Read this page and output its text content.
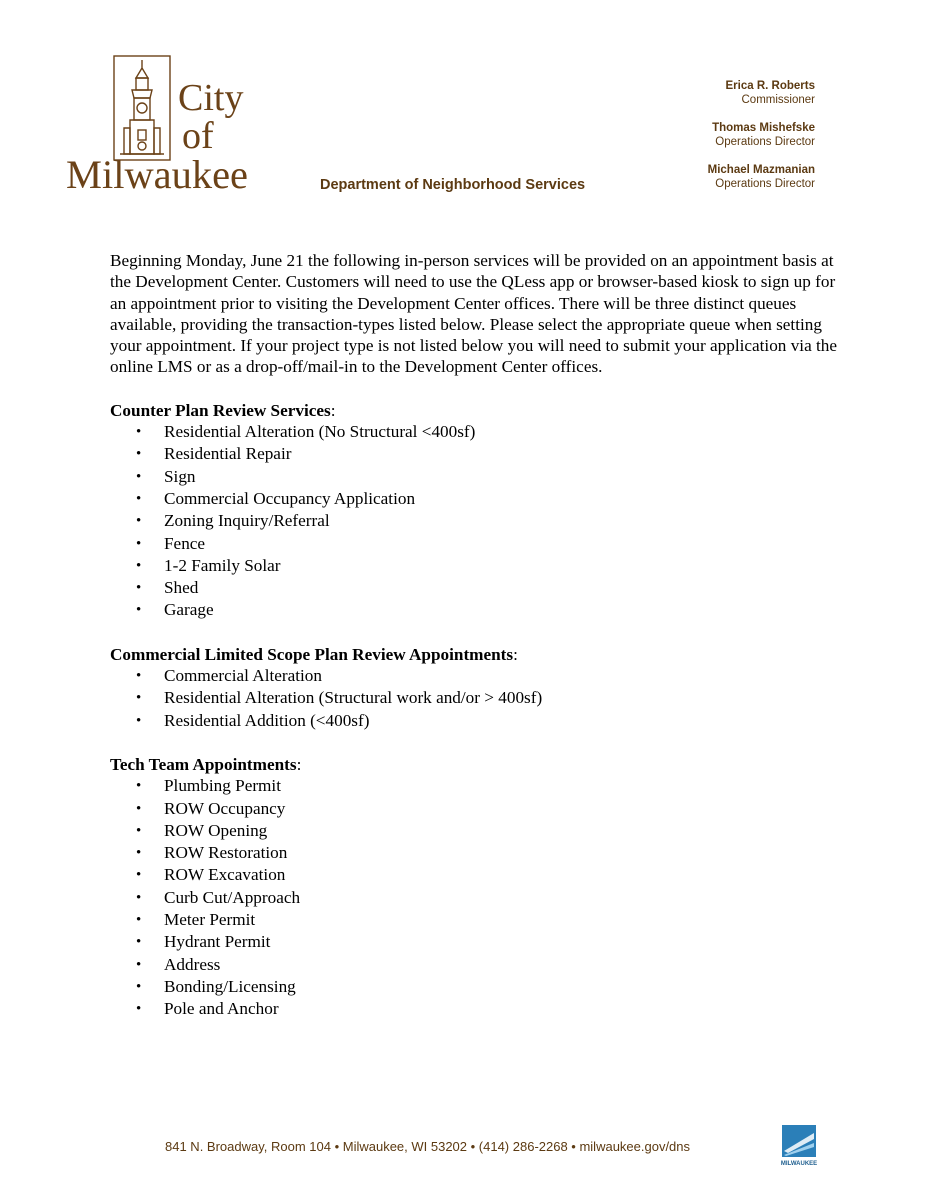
City
of
Milwaukee	Department of Neighborhood Services
Erica R. Roberts
Commissioner
Thomas Mishefske
Operations Director
Michael Mazmanian
Operations Director

Beginning Monday, June 21 the following in-person services will be provided on an appointment basis at the Development Center. Customers will need to use the QLess app or browser-based kiosk to sign up for an appointment prior to visiting the Development Center offices. There will be three distinct queues available, providing the transaction-types listed below. Please select the appropriate queue when setting your appointment. If your project type is not listed below you will need to submit your application via the online LMS or as a drop-off/mail-in to the Development Center offices.

Counter Plan Review Services:
• Residential Alteration (No Structural <400sf)
• Residential Repair
• Sign
• Commercial Occupancy Application
• Zoning Inquiry/Referral
• Fence
• 1-2 Family Solar
• Shed
• Garage
Commercial Limited Scope Plan Review Appointments:
• Commercial Alteration
• Residential Alteration (Structural work and/or > 400sf)
• Residential Addition (<400sf)
Tech Team Appointments:
• Plumbing Permit
• ROW Occupancy
• ROW Opening
• ROW Restoration
• ROW Excavation
• Curb Cut/Approach
• Meter Permit
• Hydrant Permit
• Address
• Bonding/Licensing
• Pole and Anchor
841 N. Broadway, Room 104 • Milwaukee, WI 53202 • (414) 286-2268 • milwaukee.gov/dns
MILWAUKEE
